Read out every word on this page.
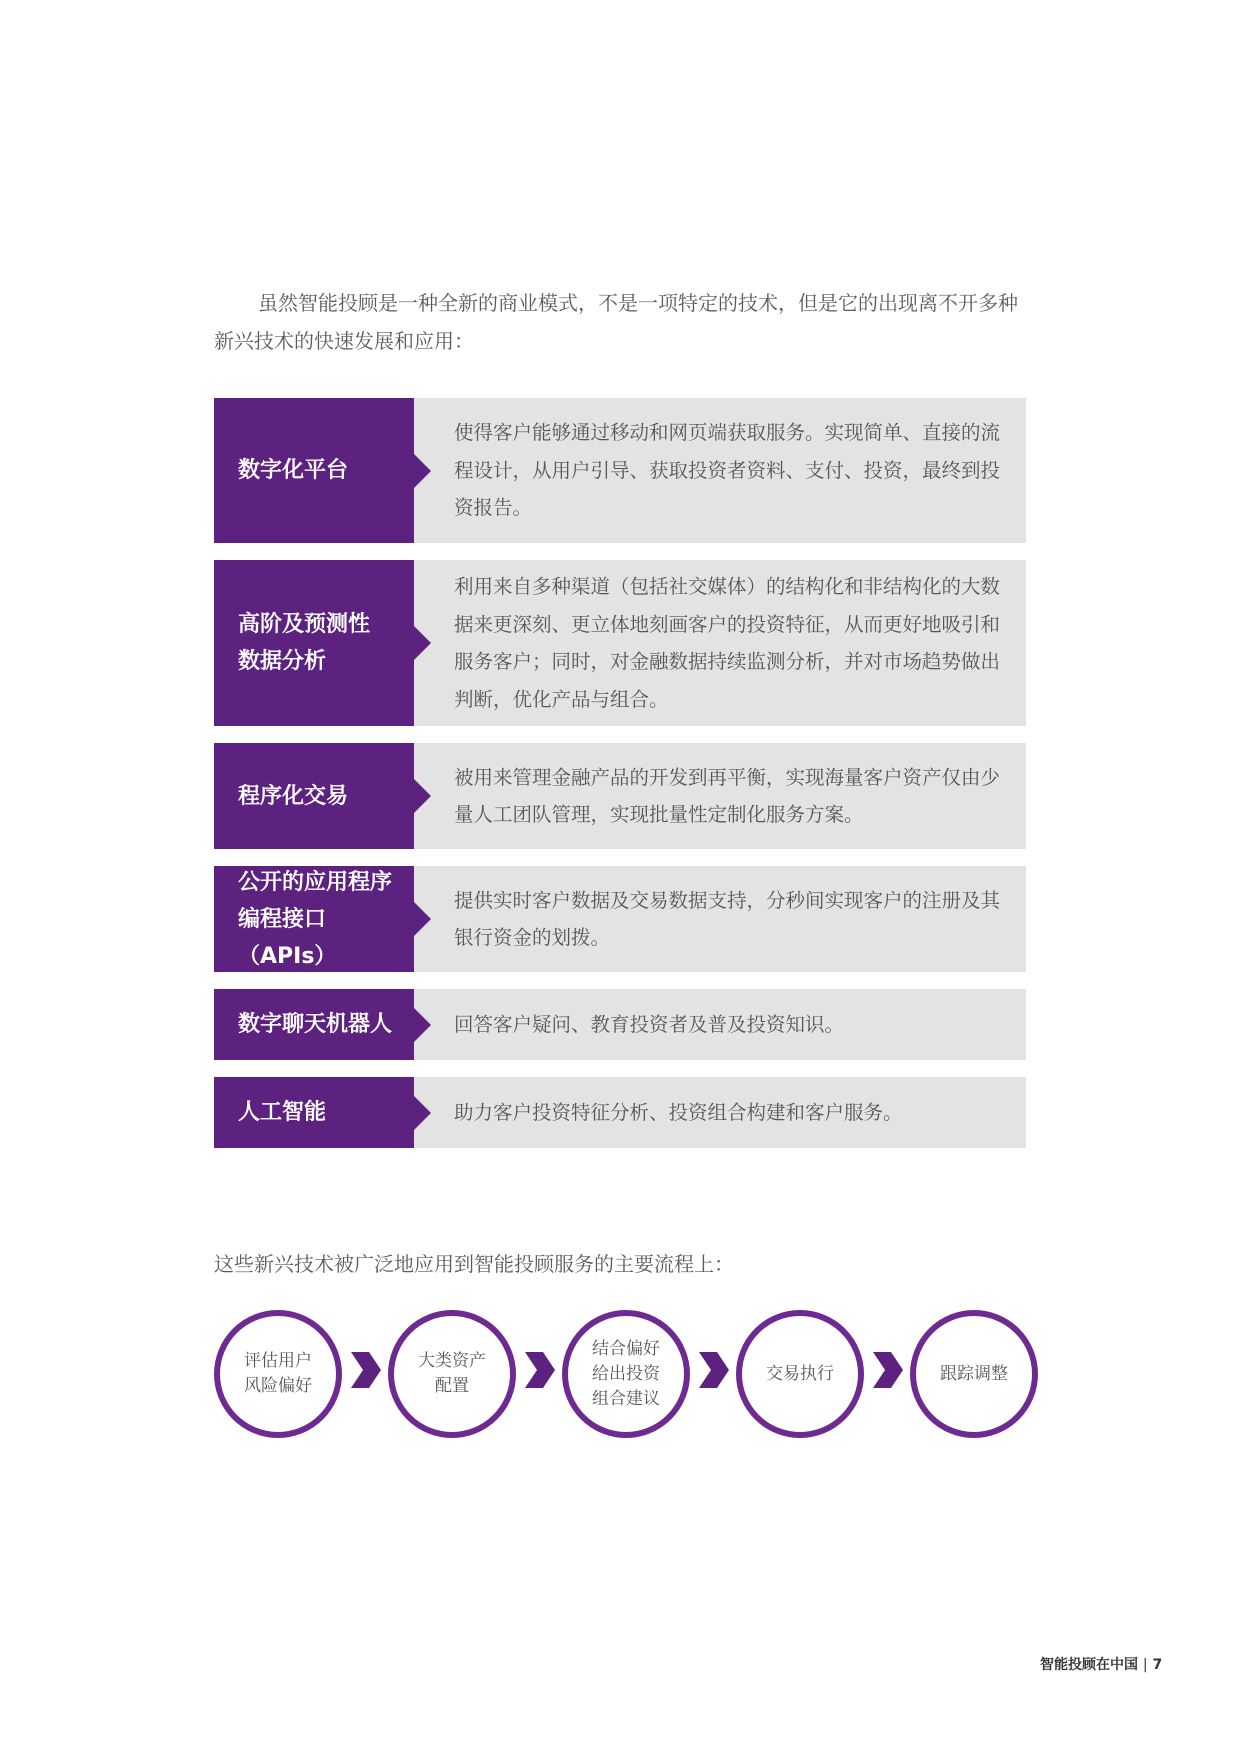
虽然智能投顾是一种全新的商业模式，不是一项特定的技术，但是它的出现离不开多种新兴技术的快速发展和应用：

数字化平台
使得客户能够通过移动和网页端获取服务。实现简单、直接的流程设计，从用户引导、获取投资者资料、支付、投资，最终到投资报告。
高阶及预测性数据分析
利用来自多种渠道（包括社交媒体）的结构化和非结构化的大数据来更深刻、更立体地刻画客户的投资特征，从而更好地吸引和服务客户；同时，对金融数据持续监测分析，并对市场趋势做出判断，优化产品与组合。
程序化交易
被用来管理金融产品的开发到再平衡，实现海量客户资产仅由少量人工团队管理，实现批量性定制化服务方案。
公开的应用程序编程接口（APIs）
提供实时客户数据及交易数据支持，分秒间实现客户的注册及其银行资金的划拨。
数字聊天机器人	回答客户疑问、教育投资者及普及投资知识。
人工智能	助力客户投资特征分析、投资组合构建和客户服务。

这些新兴技术被广泛地应用到智能投顾服务的主要流程上：

评估用户
风险偏好
大类资产
配置
结合偏好
给出投资
组合建议
交易执行	跟踪调整
智能投顾在中国 | 7
